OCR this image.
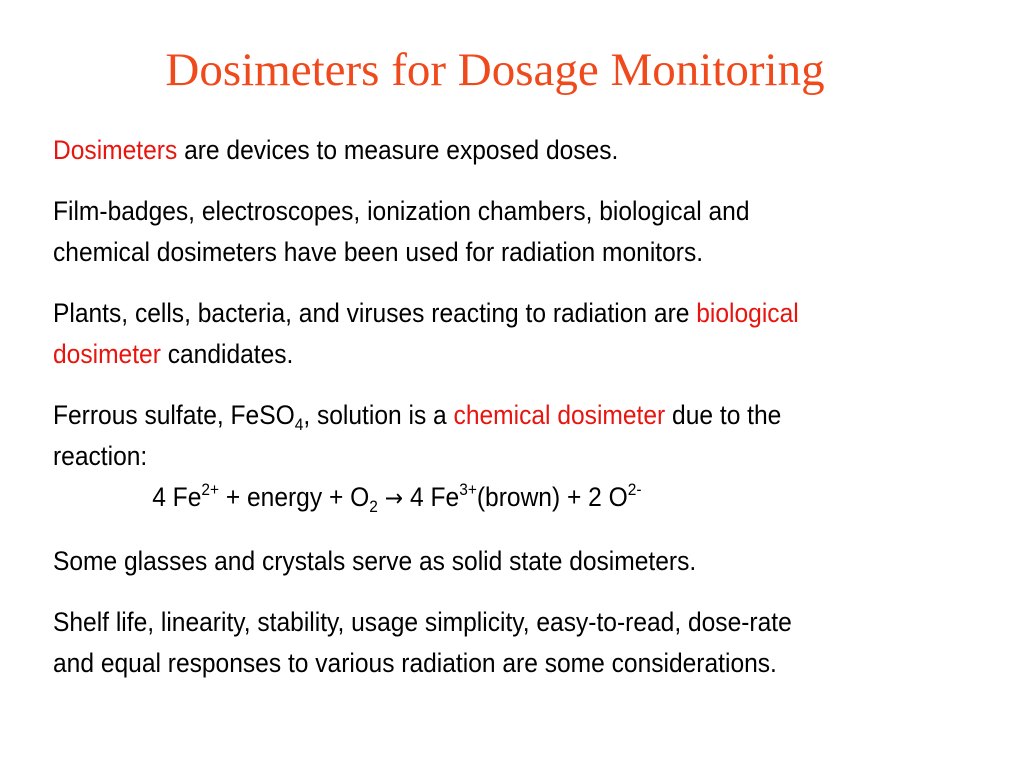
Dosimeters for Dosage Monitoring
Dosimeters are devices to measure exposed doses.
Film-badges, electroscopes, ionization chambers, biological and
chemical dosimeters have been used for radiation monitors.
Plants, cells, bacteria, and viruses reacting to radiation are biological
dosimeter candidates.
Ferrous sulfate, FeSO$_4$, solution is a chemical dosimeter due to the
reaction:
4 $Fe^{2+}$ + energy + $O_2 \to 4$ $Fe^{3+}(brown) + 2$ $O^{2-}$
Some glasses and crystals serve as solid state dosimeters.
Shelf life, linearity, stability, usage simplicity, easy-to-read, dose-rate
and equal responses to various radiation are some considerations.
